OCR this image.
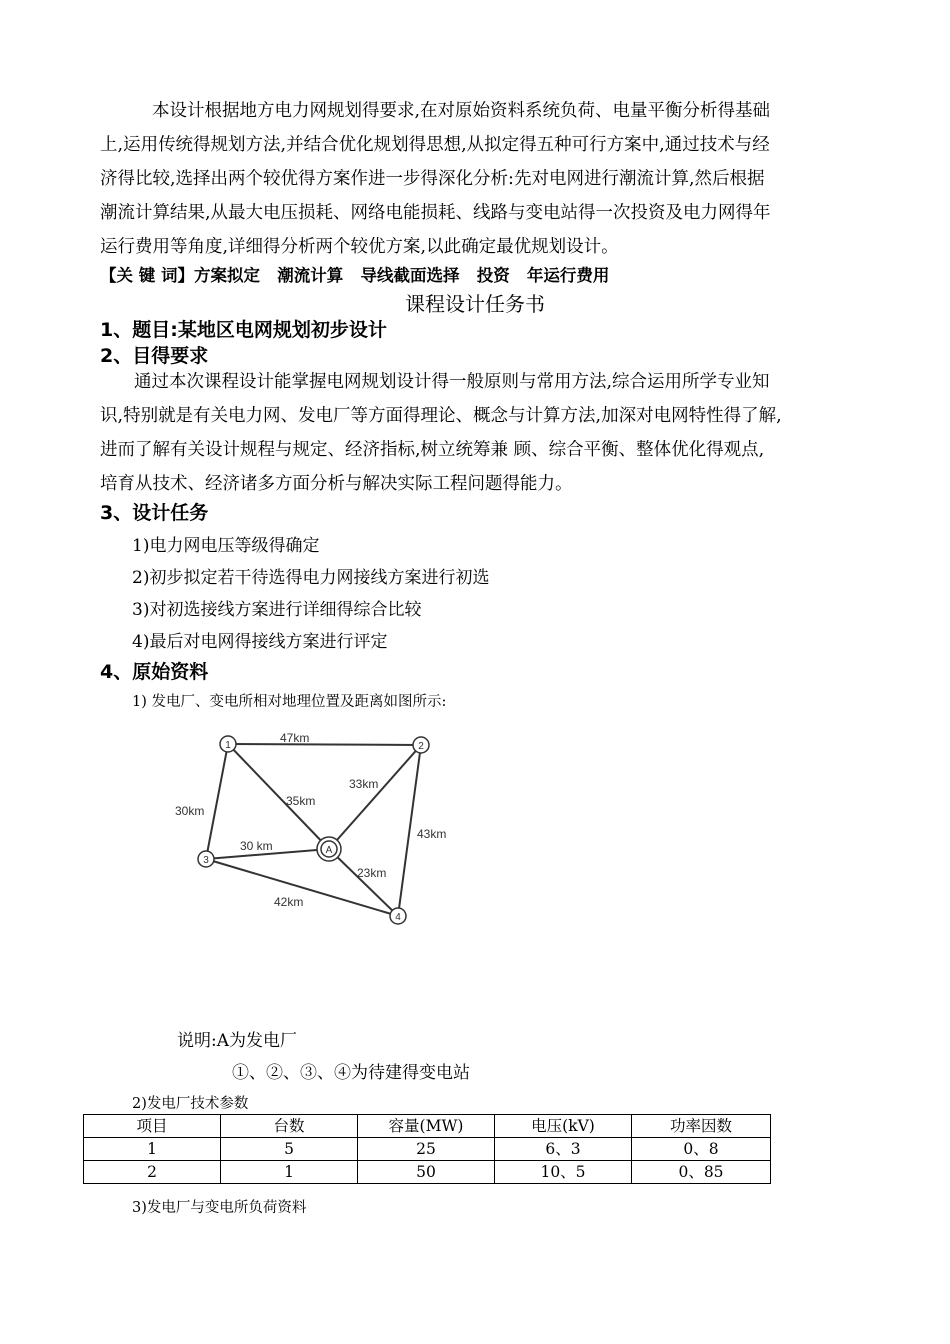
本设计根据地方电力网规划得要求,在对原始资料系统负荷、电量平衡分析得基础
上,运用传统得规划方法,并结合优化规划得思想,从拟定得五种可行方案中,通过技术与经
济得比较,选择出两个较优得方案作进一步得深化分析:先对电网进行潮流计算,然后根据
潮流计算结果,从最大电压损耗、网络电能损耗、线路与变电站得一次投资及电力网得年
运行费用等角度,详细得分析两个较优方案,以此确定最优规划设计。
【关 键 词】方案拟定   潮流计算   导线截面选择   投资   年运行费用
课程设计任务书
1、题目:某地区电网规划初步设计
2、目得要求
通过本次课程设计能掌握电网规划设计得一般原则与常用方法,综合运用所学专业知
识,特别就是有关电力网、发电厂等方面得理论、概念与计算方法,加深对电网特性得了解,
进而了解有关设计规程与规定、经济指标,树立统筹兼 顾、综合平衡、整体优化得观点,
培育从技术、经济诸多方面分析与解决实际工程问题得能力。
3、设计任务
1)电力网电压等级得确定
2)初步拟定若干待选得电力网接线方案进行初选
3)对初选接线方案进行详细得综合比较
4)最后对电网得接线方案进行评定
4、原始资料
1) 发电厂、变电所相对地理位置及距离如图所示:
1	2
3
4
A
47km
30km
35km
33km
43km
30 km
23km
42km
说明:A为发电厂
①、②、③、④为待建得变电站
2)发电厂技术参数
项目	台数	容量(MW)	电压(kV)	功率因数
1	5	25	6、3	0、8
2	1	50	10、5	0、85
3)发电厂与变电所负荷资料
